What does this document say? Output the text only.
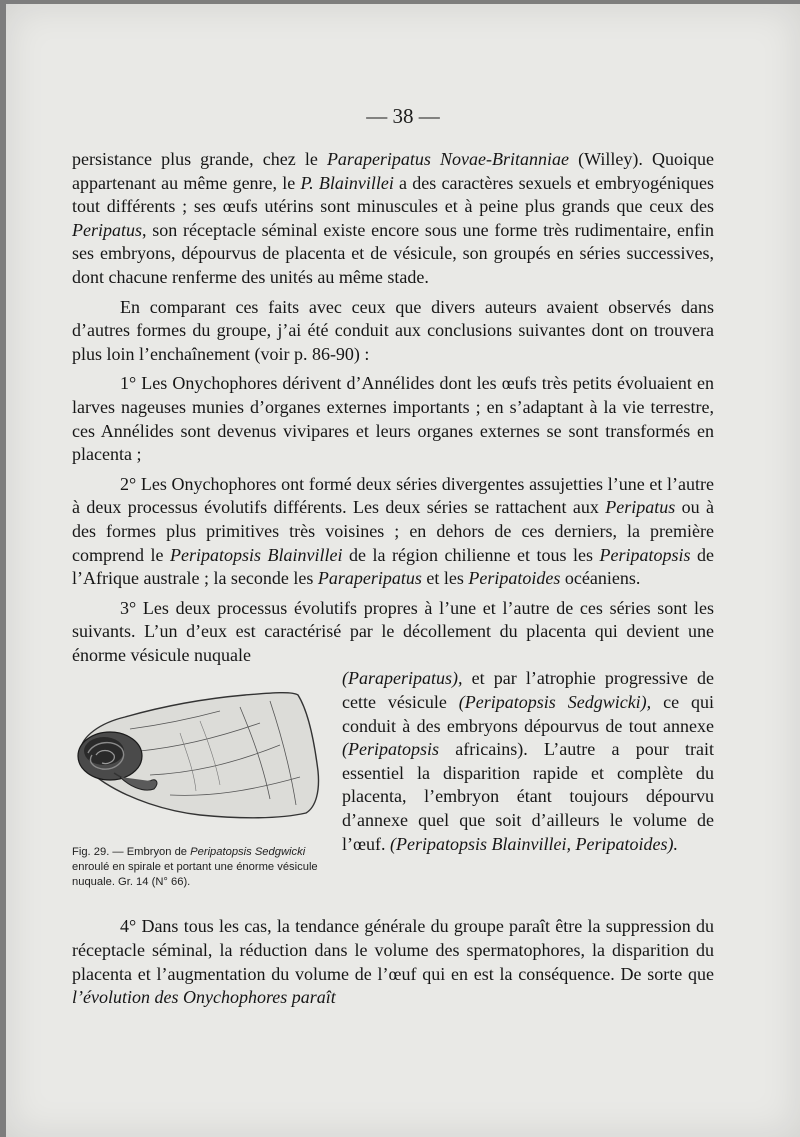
— 38 —

persistance plus grande, chez le Paraperipatus Novae-Britanniae (Willey). Quoique appartenant au même genre, le P. Blainvillei a des caractères sexuels et embryogéniques tout différents ; ses œufs utérins sont minuscules et à peine plus grands que ceux des Peripatus, son réceptacle séminal existe encore sous une forme très rudimentaire, enfin ses embryons, dépourvus de placenta et de vésicule, son groupés en séries successives, dont chacune renferme des unités au même stade.

En comparant ces faits avec ceux que divers auteurs avaient observés dans d’autres formes du groupe, j’ai été conduit aux conclusions suivantes dont on trouvera plus loin l’enchaînement (voir p. 86-90) :

1° Les Onychophores dérivent d’Annélides dont les œufs très petits évoluaient en larves nageuses munies d’organes externes importants ; en s’adaptant à la vie terrestre, ces Annélides sont devenus vivipares et leurs organes externes se sont transformés en placenta ;

2° Les Onychophores ont formé deux séries divergentes assujetties l’une et l’autre à deux processus évolutifs différents. Les deux séries se rattachent aux Peripatus ou à des formes plus primitives très voisines ; en dehors de ces derniers, la première comprend le Peripatopsis Blainvillei de la région chilienne et tous les Peripatopsis de l’Afrique australe ; la seconde les Paraperipatus et les Peripatoides océaniens.

3° Les deux processus évolutifs propres à l’une et l’autre de ces séries sont les suivants. L’un d’eux est caractérisé par le décollement du placenta qui devient une énorme vésicule nuquale

Fig. 29. — Embryon de Peripatopsis Sedgwicki enroulé en spirale et portant une énorme vésicule nuquale. Gr. 14 (N° 66).

(Paraperipatus), et par l’atrophie progressive de cette vésicule (Peripatopsis Sedgwicki), ce qui conduit à des embryons dépourvus de tout annexe (Peripatopsis africains). L’autre a pour trait essentiel la disparition rapide et complète du placenta, l’embryon étant toujours dépourvu d’annexe quel que soit d’ailleurs le volume de l’œuf. (Peripatopsis Blainvillei, Peripatoides).

4° Dans tous les cas, la tendance générale du groupe paraît être la suppression du réceptacle séminal, la réduction dans le volume des spermatophores, la disparition du placenta et l’augmentation du volume de l’œuf qui en est la conséquence. De sorte que l’évolution des Onychophores paraît
